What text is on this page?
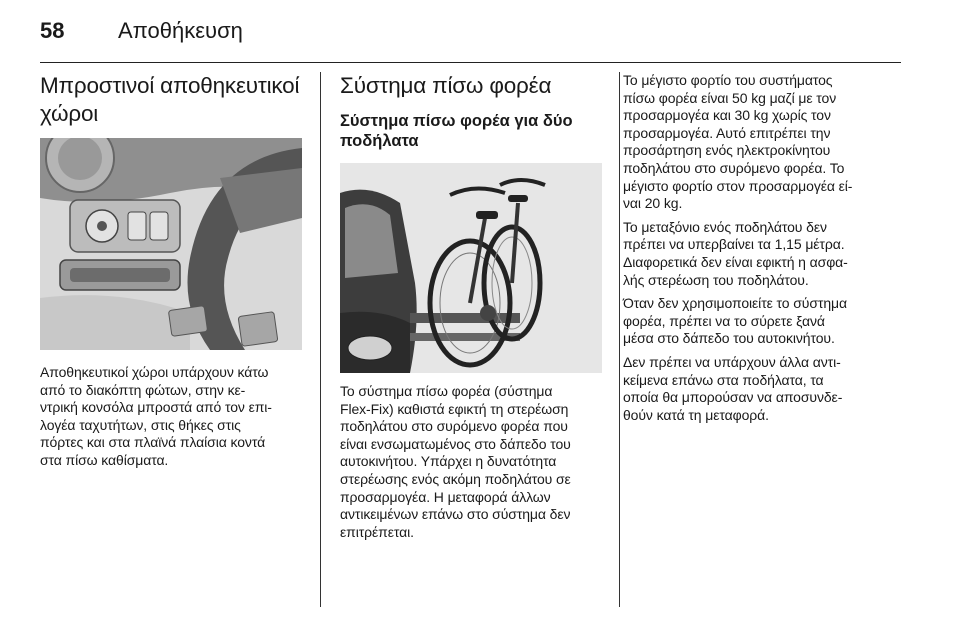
58 Αποθήκευση
Μπροστινοί αποθηκευτικοί
χώροι

Αποθηκευτικοί χώροι υπάρχουν κάτω
από το διακόπτη φώτων, στην κε-
ντρική κονσόλα μπροστά από τον επι-
λογέα ταχυτήτων, στις θήκες στις
πόρτες και στα πλαϊνά πλαίσια κοντά
στα πίσω καθίσματα.

Σύστημα πίσω φορέα
Σύστημα πίσω φορέα για δύο
ποδήλατα

Το σύστημα πίσω φορέα (σύστημα
Flex-Fix) καθιστά εφικτή τη στερέωση
ποδηλάτου στο συρόμενο φορέα που
είναι ενσωματωμένος στο δάπεδο του
αυτοκινήτου. Υπάρχει η δυνατότητα
στερέωσης ενός ακόμη ποδηλάτου σε
προσαρμογέα. Η μεταφορά άλλων
αντικειμένων επάνω στο σύστημα δεν
επιτρέπεται.

Το μέγιστο φορτίο του συστήματος
πίσω φορέα είναι 50 kg μαζί με τον
προσαρμογέα και 30 kg χωρίς τον
προσαρμογέα. Αυτό επιτρέπει την
προσάρτηση ενός ηλεκτροκίνητου
ποδηλάτου στο συρόμενο φορέα. Το
μέγιστο φορτίο στον προσαρμογέα εί-
ναι 20 kg.

Το μεταξόνιο ενός ποδηλάτου δεν
πρέπει να υπερβαίνει τα 1,15 μέτρα.
Διαφορετικά δεν είναι εφικτή η ασφα-
λής στερέωση του ποδηλάτου.

Όταν δεν χρησιμοποιείτε το σύστημα
φορέα, πρέπει να το σύρετε ξανά
μέσα στο δάπεδο του αυτοκινήτου.

Δεν πρέπει να υπάρχουν άλλα αντι-
κείμενα επάνω στα ποδήλατα, τα
οποία θα μπορούσαν να αποσυνδε-
θούν κατά τη μεταφορά.
